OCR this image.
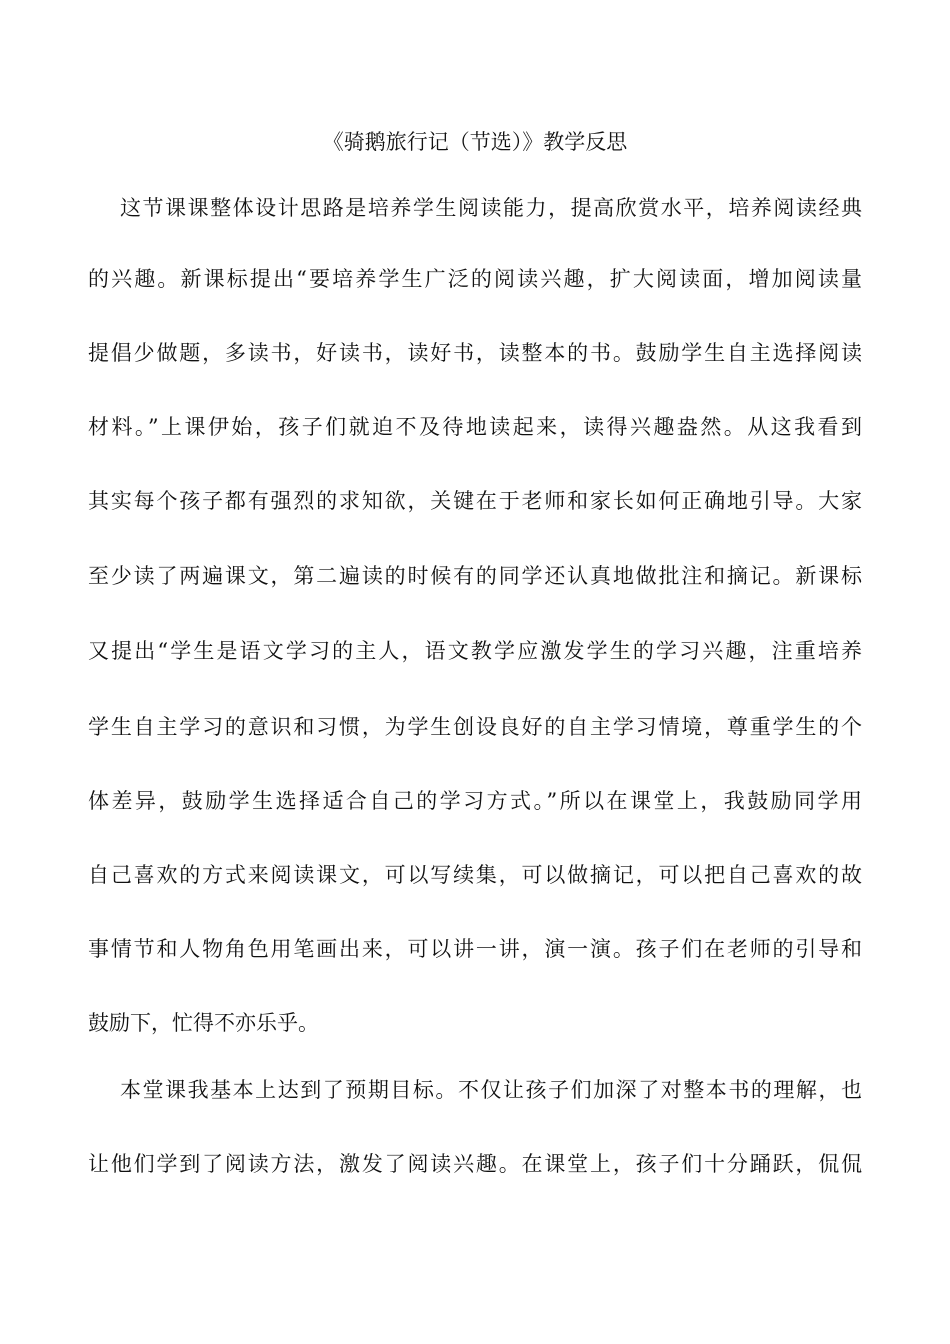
《骑鹅旅行记（节选）》教学反思
这节课课整体设计思路是培养学生阅读能力，提高欣赏水平，培养阅读经典
的兴趣。新课标提出“要培养学生广泛的阅读兴趣，扩大阅读面，增加阅读量
提倡少做题，多读书，好读书，读好书，读整本的书。鼓励学生自主选择阅读
材料。”上课伊始，孩子们就迫不及待地读起来，读得兴趣盎然。从这我看到
其实每个孩子都有强烈的求知欲，关键在于老师和家长如何正确地引导。大家
至少读了两遍课文，第二遍读的时候有的同学还认真地做批注和摘记。新课标
又提出“学生是语文学习的主人，语文教学应激发学生的学习兴趣，注重培养
学生自主学习的意识和习惯，为学生创设良好的自主学习情境，尊重学生的个
体差异，鼓励学生选择适合自己的学习方式。”所以在课堂上，我鼓励同学用
自己喜欢的方式来阅读课文，可以写续集，可以做摘记，可以把自己喜欢的故
事情节和人物角色用笔画出来，可以讲一讲，演一演。孩子们在老师的引导和
鼓励下，忙得不亦乐乎。
本堂课我基本上达到了预期目标。不仅让孩子们加深了对整本书的理解，也
让他们学到了阅读方法，激发了阅读兴趣。在课堂上，孩子们十分踊跃，侃侃
